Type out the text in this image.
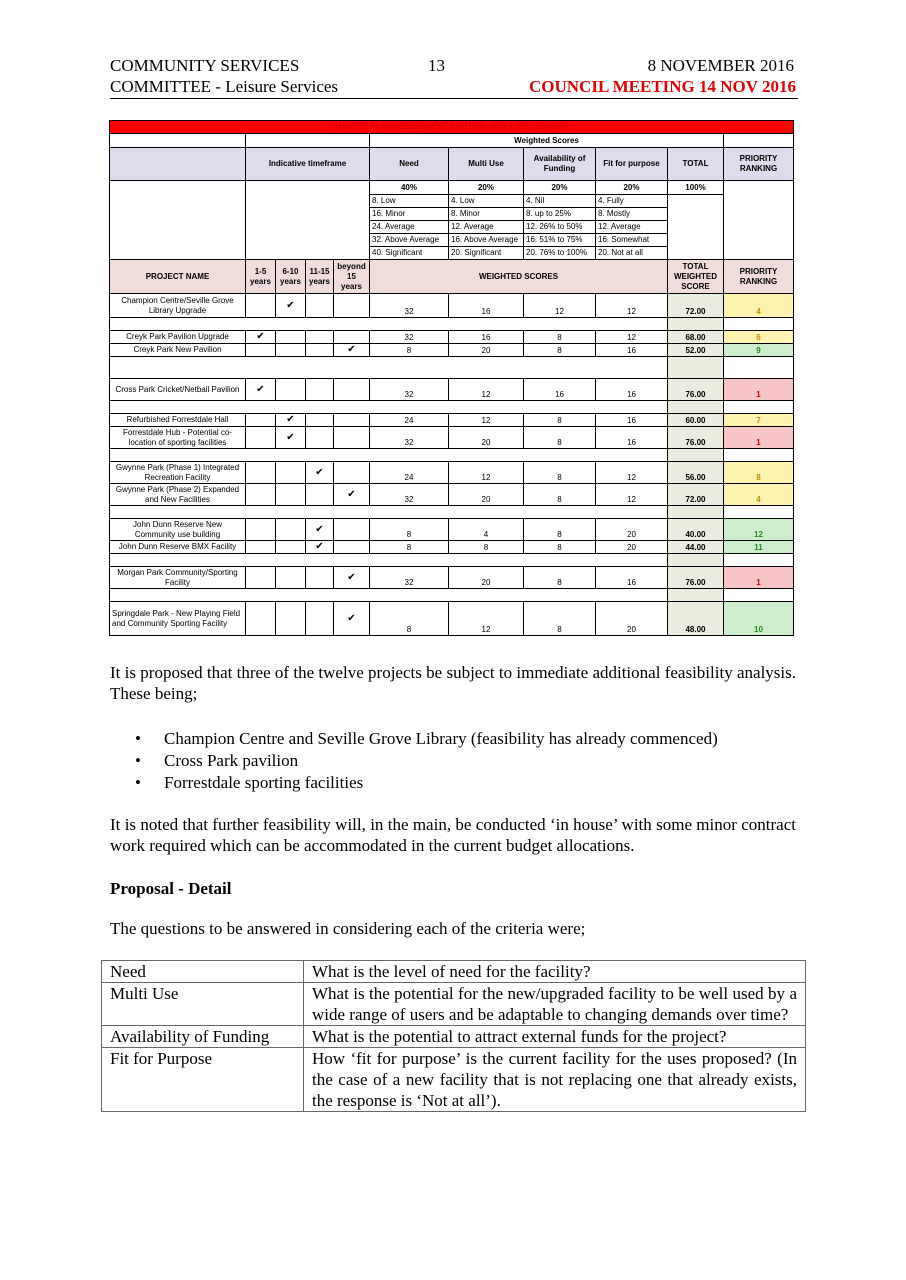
COMMUNITY SERVICES
COMMITTEE - Leisure Services
13	8 NOVEMBER 2016
COUNCIL MEETING 14 NOV 2016
MASTER PLAN ASSESSMENT CRITERIA WEIGHTED SCORES										
					Weighted Scores					
	Indicative timeframe				Need	Multi Use	Availability of Funding	Fit for purpose	TOTAL	PRIORITY RANKING
					40%	20%	20%	20%	100%	
					8. Low	4. Low	4. Nil	4. Fully		
					16. Minor	8. Minor	8. up to 25%	8. Mostly		
					24. Average	12. Average	12. 26% to 50%	12. Average		
					32. Above Average	16. Above Average	16. 51% to 75%	16. Somewhat		
					40. Significant	20. Significant	20. 76% to 100%	20. Not at all		
PROJECT NAME	1-5 years	6-10 years	11-15 years	beyond 15 years	WEIGHTED SCORES				TOTAL WEIGHTED SCORE	PRIORITY RANKING
Champion Centre/Seville Grove Library Upgrade		✔			32	16	12	12	72.00	4

Creyk Park Pavilion Upgrade	✔				32	16	8	12	68.00	6
Creyk Park New Pavilion				✔	8	20	8	16	52.00	9

Cross Park Cricket/Netball Pavilion	✔				32	12	16	16	76.00	1

Refurbished Forrestdale Hall		✔			24	12	8	16	60.00	7
Forrestdale Hub - Potential co-location of sporting facilities		✔			32	20	8	16	76.00	1

Gwynne Park (Phase 1) Integrated Recreation Facility			✔		24	12	8	12	56.00	8
Gwynne Park (Phase 2) Expanded and New Facilities				✔	32	20	8	12	72.00	4

John Dunn Reserve New Community use building			✔		8	4	8	20	40.00	12
John Dunn Reserve BMX Facility			✔		8	8	8	20	44.00	11

Morgan Park Community/Sporting Facility				✔	32	20	8	16	76.00	1

Springdale Park - New Playing Field and Community Sporting Facility				✔	8	12	8	20	48.00	10
It is proposed that three of the twelve projects be subject to immediate additional feasibility analysis. These being;
• Champion Centre and Seville Grove Library (feasibility has already commenced)
• Cross Park pavilion
• Forrestdale sporting facilities
It is noted that further feasibility will, in the main, be conducted ‘in house’ with some minor contract work required which can be accommodated in the current budget allocations.
Proposal - Detail
The questions to be answered in considering each of the criteria were;
Need	What is the level of need for the facility?
Multi Use	What is the potential for the new/upgraded facility to be well used by a wide range of users and be adaptable to changing demands over time?
Availability of Funding	What is the potential to attract external funds for the project?
Fit for Purpose	How ‘fit for purpose’ is the current facility for the uses proposed? (In the case of a new facility that is not replacing one that already exists, the response is ‘Not at all’).
